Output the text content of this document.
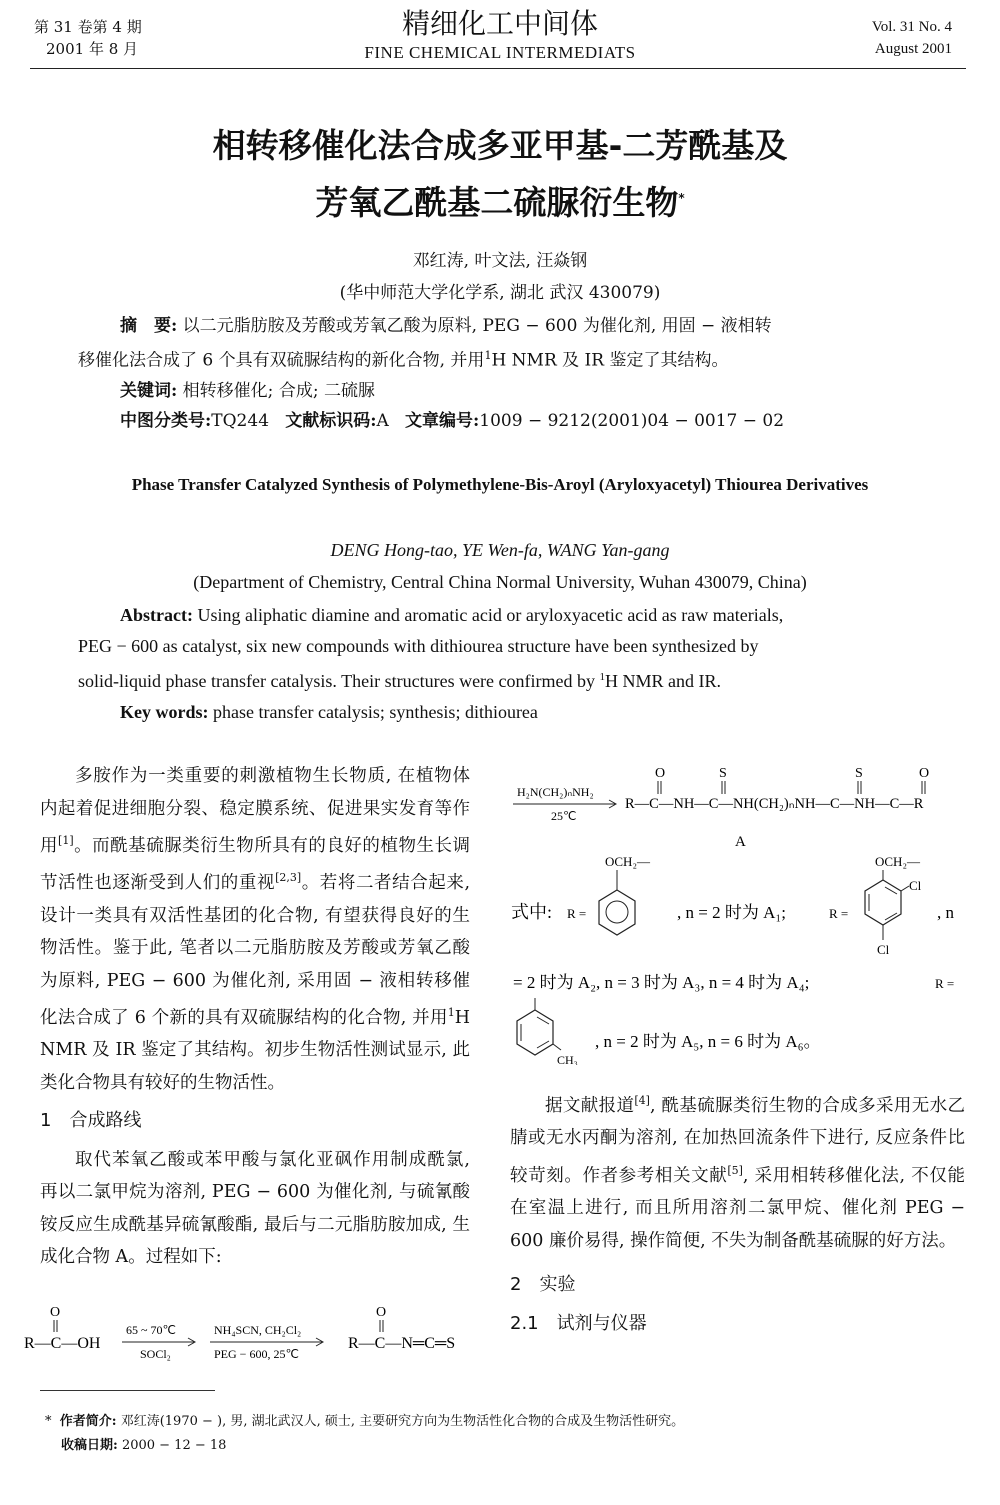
第 31 卷第 4 期
2001 年 8 月
精细化工中间体
FINE CHEMICAL INTERMEDIATS
Vol. 31 No. 4
August 2001
相转移催化法合成多亚甲基-二芳酰基及
芳氧乙酰基二硫脲衍生物*
邓红涛, 叶文法, 汪焱钢
(华中师范大学化学系, 湖北 武汉 430079)
摘　要: 以二元脂肪胺及芳酸或芳氧乙酸为原料, PEG − 600 为催化剂, 用固 − 液相转
移催化法合成了 6 个具有双硫脲结构的新化合物, 并用$^1$H NMR 及 IR 鉴定了其结构。
关键词: 相转移催化; 合成; 二硫脲
中图分类号:TQ244 文献标识码:A 文章编号:1009 − 9212(2001)04 − 0017 − 02
Phase Transfer Catalyzed Synthesis of Polymethylene-Bis-Aroyl (Aryloxyacetyl) Thiourea Derivatives
DENG Hong-tao, YE Wen-fa, WANG Yan-gang
(Department of Chemistry, Central China Normal University, Wuhan 430079, China)
Abstract: Using aliphatic diamine and aromatic acid or aryloxyacetic acid as raw materials,
PEG − 600 as catalyst, six new compounds with dithiourea structure have been synthesized by
solid-liquid phase transfer catalysis. Their structures were confirmed by $^1$H NMR and IR.
Key words: phase transfer catalysis; synthesis; dithiourea
多胺作为一类重要的刺激植物生长物质, 在植物体内起着促进细胞分裂、稳定膜系统、促进果实发育等作用[1]。而酰基硫脲类衍生物所具有的良好的植物生长调节活性也逐渐受到人们的重视[2,3]。若将二者结合起来, 设计一类具有双活性基团的化合物, 有望获得良好的生物活性。鉴于此, 笔者以二元脂肪胺及芳酸或芳氧乙酸为原料, PEG − 600 为催化剂, 采用固 − 液相转移催化法合成了 6 个新的具有双硫脲结构的化合物, 并用$^1$H NMR 及 IR 鉴定了其结构。初步生物活性测试显示, 此类化合物具有较好的生物活性。
1　合成路线
取代苯氧乙酸或苯甲酸与氯化亚砜作用制成酰氯, 再以二氯甲烷为溶剂, PEG − 600 为催化剂, 与硫氰酸铵反应生成酰基异硫氰酸酯, 最后与二元脂肪胺加成, 生成化合物 A。过程如下:
O
R—C—OH
65 ~ 70℃
SOCl₂
NH₄SCN, CH₂Cl₂
PEG − 600, 25℃
O
R—C—N═C═S
H₂N(CH₂)ₙNH₂
25℃
O	S	S	O
R—C—NH—C—NH(CH₂)ₙNH—C—NH—C—R
A
式中: R =
OCH₂—
, n = 2 时为 A₁;	R =
OCH₂—
Cl
Cl
, n
= 2 时为 A₂, n = 3 时为 A₃, n = 4 时为 A₄;	R =
CH₃
, n = 2 时为 A₅, n = 6 时为 A₆。
据文献报道[4], 酰基硫脲类衍生物的合成多采用无水乙腈或无水丙酮为溶剂, 在加热回流条件下进行, 反应条件比较苛刻。作者参考相关文献[5], 采用相转移催化法, 不仅能在室温上进行, 而且所用溶剂二氯甲烷、催化剂 PEG − 600 廉价易得, 操作简便, 不失为制备酰基硫脲的好方法。
2　实验
2.1　试剂与仪器
* 作者简介: 邓红涛(1970 − ), 男, 湖北武汉人, 硕士, 主要研究方向为生物活性化合物的合成及生物活性研究。
收稿日期: 2000 − 12 − 18
